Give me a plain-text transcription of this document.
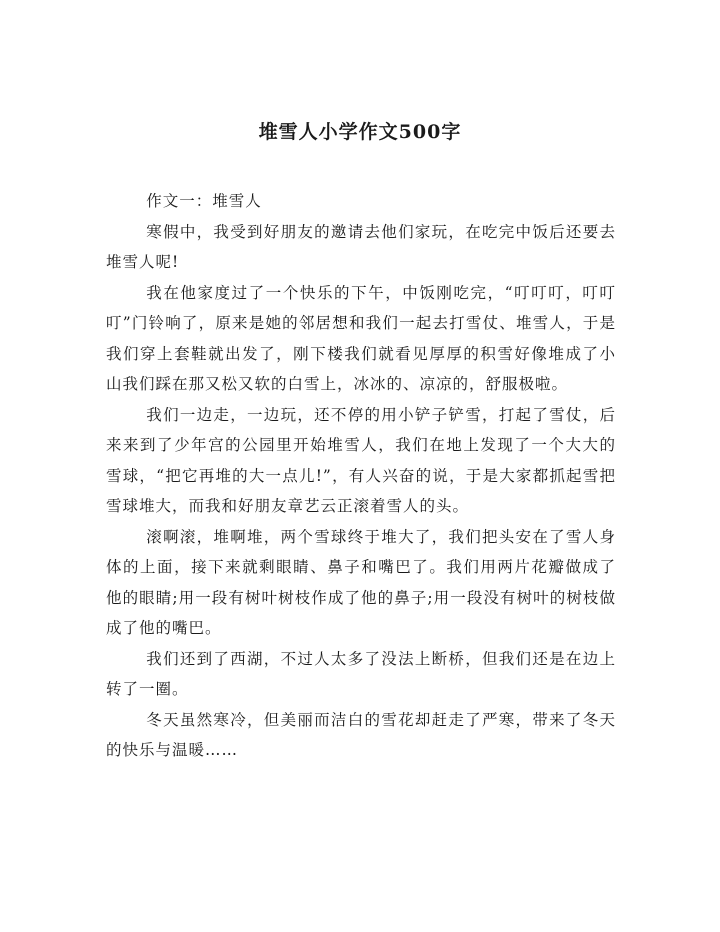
堆雪人小学作文500字

作文一：堆雪人

寒假中，我受到好朋友的邀请去他们家玩，在吃完中饭后还要去堆雪人呢!

我在他家度过了一个快乐的下午，中饭刚吃完，“叮叮叮，叮叮叮”门铃响了，原来是她的邻居想和我们一起去打雪仗、堆雪人，于是我们穿上套鞋就出发了，刚下楼我们就看见厚厚的积雪好像堆成了小山我们踩在那又松又软的白雪上，冰冰的、凉凉的，舒服极啦。

我们一边走，一边玩，还不停的用小铲子铲雪，打起了雪仗，后来来到了少年宫的公园里开始堆雪人，我们在地上发现了一个大大的雪球，“把它再堆的大一点儿!”，有人兴奋的说，于是大家都抓起雪把雪球堆大，而我和好朋友章艺云正滚着雪人的头。

滚啊滚，堆啊堆，两个雪球终于堆大了，我们把头安在了雪人身体的上面，接下来就剩眼睛、鼻子和嘴巴了。我们用两片花瓣做成了他的眼睛;用一段有树叶树枝作成了他的鼻子;用一段没有树叶的树枝做成了他的嘴巴。

我们还到了西湖，不过人太多了没法上断桥，但我们还是在边上转了一圈。

冬天虽然寒冷，但美丽而洁白的雪花却赶走了严寒，带来了冬天的快乐与温暖……
